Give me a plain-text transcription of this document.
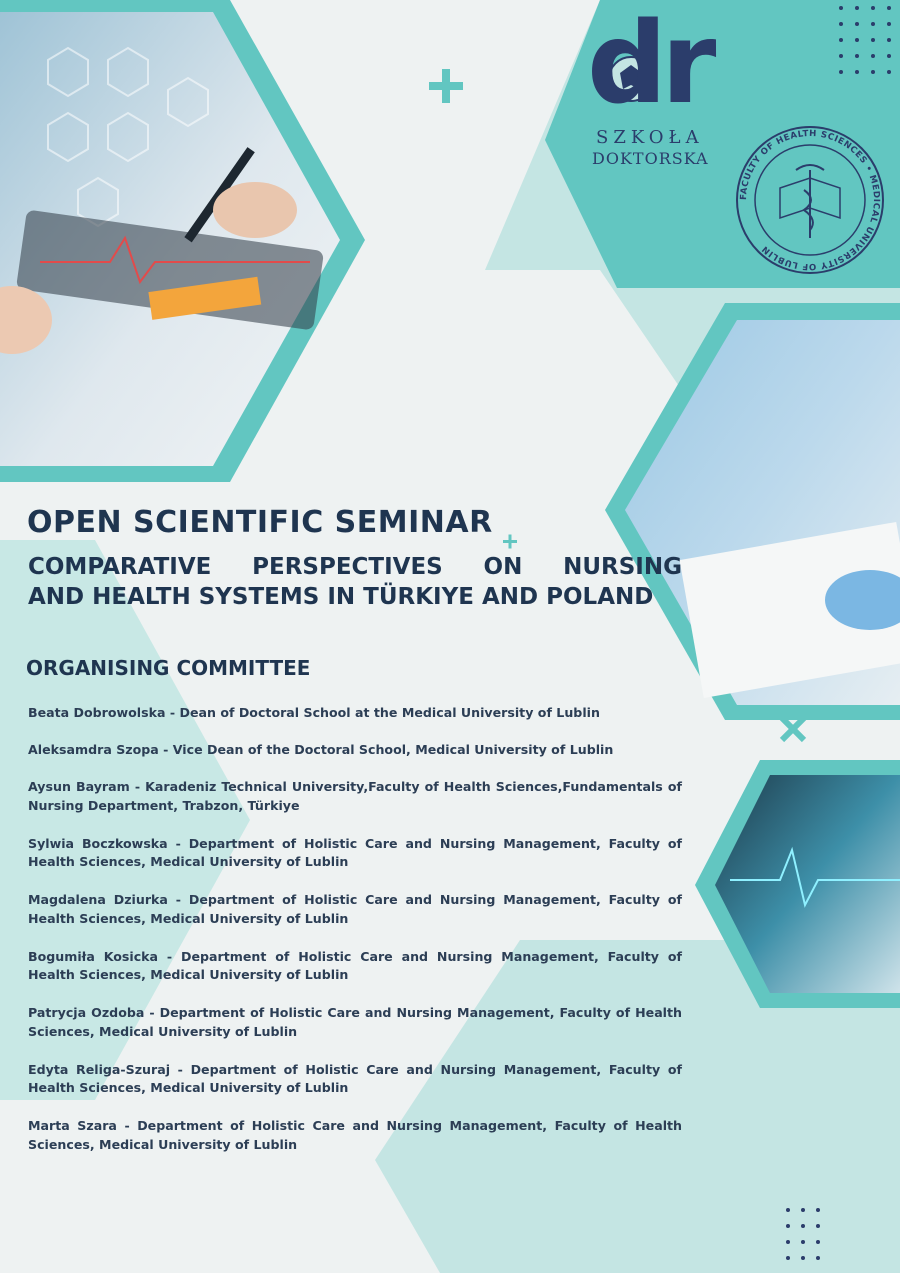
dr
SZKOŁA
DOKTORSKA
FACULTY OF HEALTH SCIENCES • MEDICAL UNIVERSITY OF LUBLIN
OPEN SCIENTIFIC SEMINAR
COMPARATIVE PERSPECTIVES ON NURSING
AND HEALTH SYSTEMS IN TÜRKIYE AND POLAND
ORGANISING COMMITTEE

Beata Dobrowolska - Dean of Doctoral School at the Medical University of Lublin

Aleksamdra Szopa - Vice Dean of the Doctoral School, Medical University of Lublin

Aysun Bayram - Karadeniz Technical University,Faculty of Health Sciences,Fundamentals of Nursing Department, Trabzon, Türkiye

Sylwia Boczkowska - Department of Holistic Care and Nursing Management, Faculty of Health Sciences, Medical University of Lublin

Magdalena Dziurka - Department of Holistic Care and Nursing Management, Faculty of Health Sciences, Medical University of Lublin

Bogumiła Kosicka - Department of Holistic Care and Nursing Management, Faculty of Health Sciences, Medical University of Lublin

Patrycja Ozdoba - Department of Holistic Care and Nursing Management, Faculty of Health Sciences, Medical University of Lublin

Edyta Religa-Szuraj - Department of Holistic Care and Nursing Management, Faculty of Health Sciences, Medical University of Lublin

Marta Szara - Department of Holistic Care and Nursing Management, Faculty of Health Sciences, Medical University of Lublin
